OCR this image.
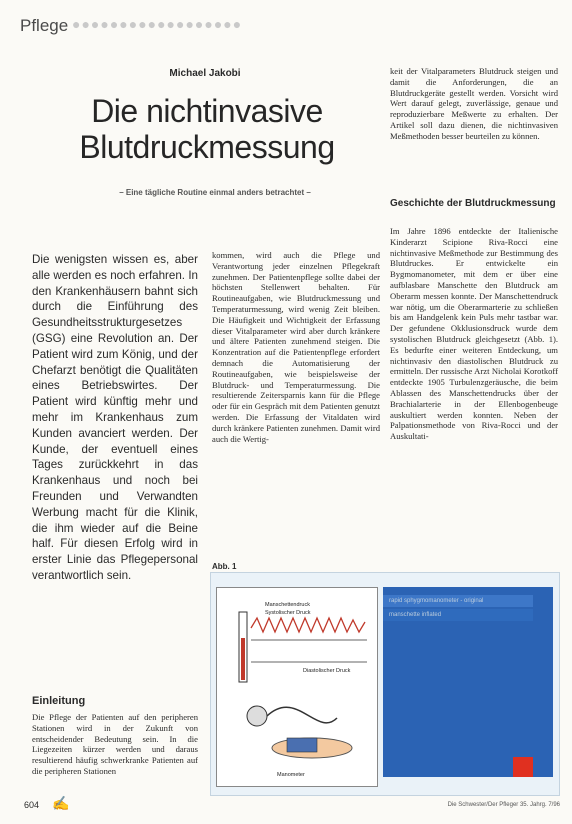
Pflege ●●●●●●●●●●●●●●●●●●
Michael Jakobi
Die nichtinvasive
Blutdruckmessung
– Eine tägliche Routine einmal anders betrachtet –
Die wenigsten wissen es, aber alle werden es noch erfahren. In den Krankenhäusern bahnt sich durch die Einführung des Gesundheitsstrukturgesetzes (GSG) eine Revolution an. Der Patient wird zum König, und der Chefarzt benötigt die Qualitäten eines Betriebswirtes. Der Patient wird künftig mehr und mehr im Krankenhaus zum Kunden avanciert werden. Der Kunde, der eventuell eines Tages zurückkehrt in das Krankenhaus und noch bei Freunden und Verwandten Werbung macht für die Klinik, die ihm wieder auf die Beine half. Für diesen Erfolg wird in erster Linie das Pflegepersonal verantwortlich sein.
kommen, wird auch die Pflege und Verantwortung jeder einzelnen Pflegekraft zunehmen. Der Patientenpflege sollte dabei der höchsten Stellenwert behalten. Für Routineaufgaben, wie Blutdruckmessung und Temperaturmessung, wird wenig Zeit bleiben. Die Häufigkeit und Wichtigkeit der Erfassung dieser Vitalparameter wird aber durch kränkere und ältere Patienten zunehmend steigen. Die Konzentration auf die Patientenpflege erfordert demnach die Automatisierung der Routineaufgaben, wie beispielsweise der Blutdruck- und Temperaturmessung. Die resultierende Zeitersparnis kann für die Pflege oder für ein Gespräch mit dem Patienten genutzt werden. Die Erfassung der Vitaldaten wird durch kränkere Patienten zunehmen. Damit wird auch die Wertig-
keit der Vitalparameters Blutdruck steigen und damit die Anforderungen, die an Blutdruckgeräte gestellt werden. Vorsicht wird Wert darauf gelegt, zuverlässige, genaue und reproduzierbare Meßwerte zu erhalten. Der Artikel soll dazu dienen, die nichtinvasiven Meßmethoden besser beurteilen zu können.
Geschichte der Blutdruckmessung
Im Jahre 1896 entdeckte der Italienische Kinderarzt Scipione Riva-Rocci eine nichtinvasive Meßmethode zur Bestimmung des Blutdruckes. Er entwickelte ein Bygmomanometer, mit dem er über eine aufblasbare Manschette den Blutdruck am Oberarm messen konnte. Der Manschettendruck war nötig, um die Oberarmarterie zu schließen bis am Handgelenk kein Puls mehr tastbar war. Der gefundene Okklusionsdruck wurde dem systolischen Blutdruck gleichgesetzt (Abb. 1). Es bedurfte einer weiteren Entdeckung, um nichtinvasiv den diastolischen Blutdruck zu ermitteln. Der russische Arzt Nicholai Korotkoff entdeckte 1905 Turbulenzgeräusche, die beim Ablassen des Manschettendrucks über der Brachialarterie in der Ellenbogenbeuge auskultiert werden konnten. Neben der Palpationsmethode von Riva-Rocci und der Auskultati-
Einleitung
Die Pflege der Patienten auf den peripheren Stationen wird in der Zukunft von entscheidender Bedeutung sein. In die Liegezeiten kürzer werden und daraus resultierend häufig schwerkranke Patienten auf die peripheren Stationen
Abb. 1
Manschettendruck
Systolischer Druck
Diastolischer Druck
Manometer
rapid sphygmomanometer - original
manschette inflated
604 ✍	Die Schwester/Der Pfleger 35. Jahrg. 7/96
